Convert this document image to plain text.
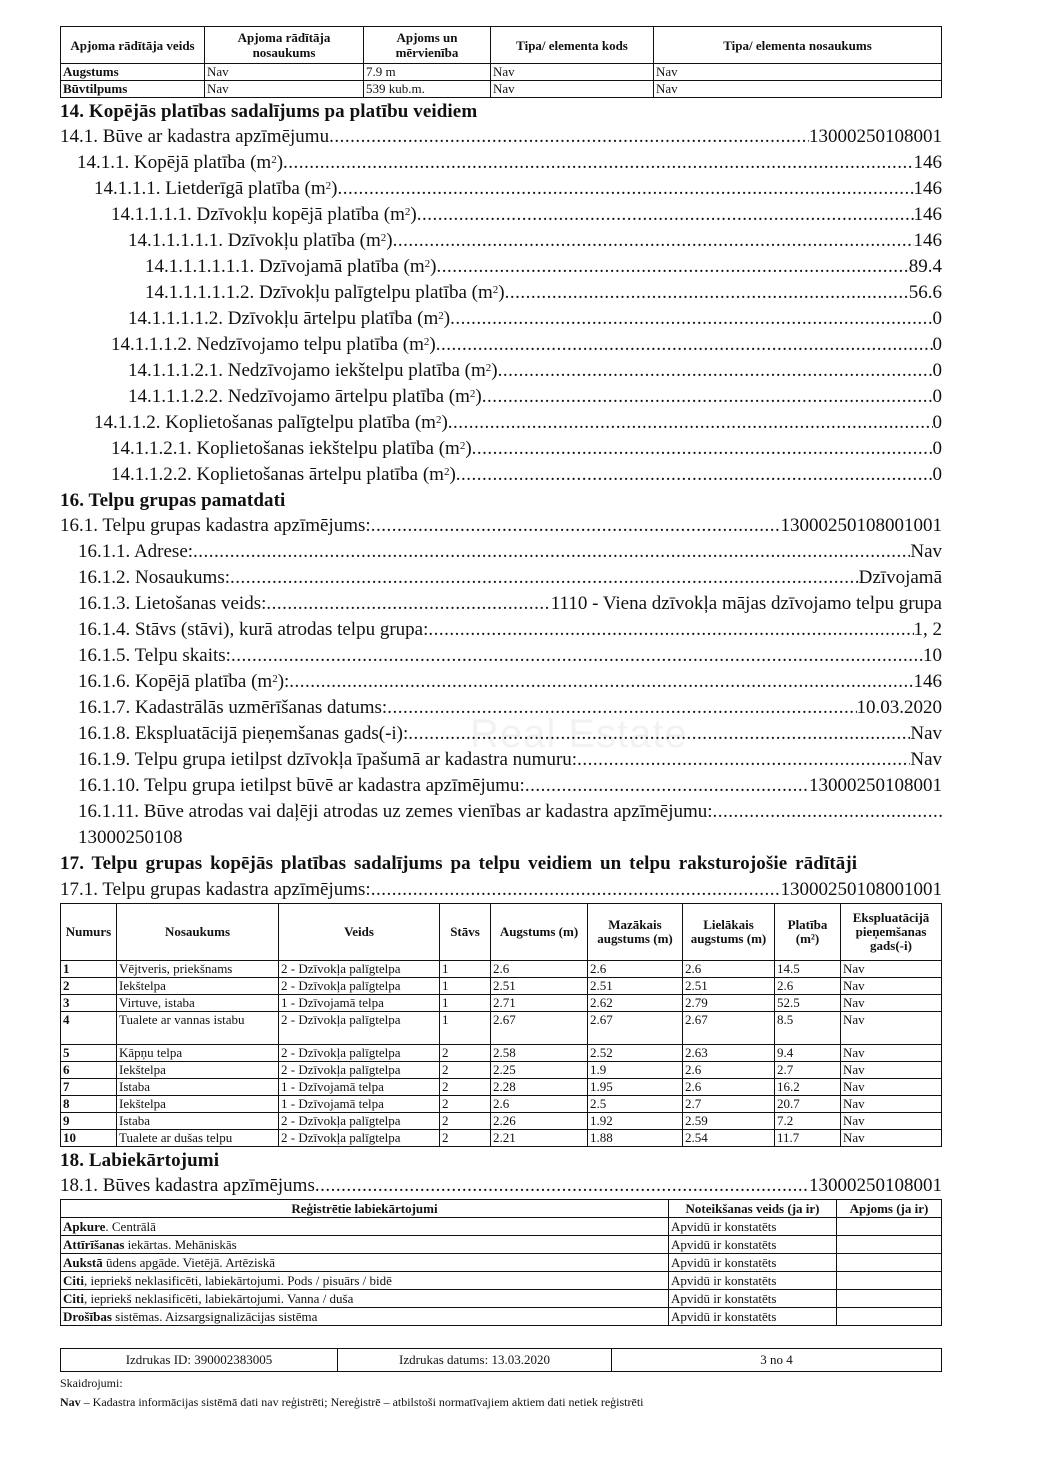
Real Estate
Apjoma rādītāja veids	Apjoma rādītāja nosaukums	Apjoms un mērvienība	Tipa/ elementa kods	Tipa/ elementa nosaukums
Augstums	Nav	7.9 m	Nav	Nav
Būvtilpums	Nav	539 kub.m.	Nav	Nav
14. Kopējās platības sadalījums pa platību veidiem
14.1. Būve ar kadastra apzīmējumu .....	13000250108001
14.1.1. Kopējā platība $(m^2)$ .....	146
14.1.1.1. Lietderīgā platība $(m^2)$ .....	146
14.1.1.1.1. Dzīvokļu kopējā platība $(m^2)$ .....	146
14.1.1.1.1.1. Dzīvokļu platība $(m^2)$ .....	146
14.1.1.1.1.1.1. Dzīvojamā platība $(m^2)$ .....	89.4
14.1.1.1.1.1.2. Dzīvokļu palīgtelpu platība $(m^2)$ .....	56.6
14.1.1.1.1.2. Dzīvokļu ārtelpu platība $(m^2)$ .....	0
14.1.1.1.2. Nedzīvojamo telpu platība $(m^2)$ .....	0
14.1.1.1.2.1. Nedzīvojamo iekštelpu platība $(m^2)$ .....	0
14.1.1.1.2.2. Nedzīvojamo ārtelpu platība $(m^2)$ .....	0
14.1.1.2. Koplietošanas palīgtelpu platība $(m^2)$ .....	0
14.1.1.2.1. Koplietošanas iekštelpu platība $(m^2)$ .....	0
14.1.1.2.2. Koplietošanas ārtelpu platība $(m^2)$ .....	0
16. Telpu grupas pamatdati
16.1. Telpu grupas kadastra apzīmējums: .....	13000250108001001
16.1.1. Adrese: .....	Nav
16.1.2. Nosaukums: .....	Dzīvojamā
16.1.3. Lietošanas veids: .....	1110 - Viena dzīvokļa mājas dzīvojamo telpu grupa
16.1.4. Stāvs (stāvi), kurā atrodas telpu grupa: .....	1, 2
16.1.5. Telpu skaits: .....	10
16.1.6. Kopējā platība $(m^2)$: .....	146
16.1.7. Kadastrālās uzmērīšanas datums: .....	10.03.2020
16.1.8. Ekspluatācijā pieņemšanas gads(-i): .....	Nav
16.1.9. Telpu grupa ietilpst dzīvokļa īpašumā ar kadastra numuru: .....	Nav
16.1.10. Telpu grupa ietilpst būvē ar kadastra apzīmējumu: .....	13000250108001
16.1.11. Būve atrodas vai daļēji atrodas uz zemes vienības ar kadastra apzīmējumu:
.....
13000250108
17. Telpu grupas kopējās platības sadalījums pa telpu veidiem un telpu raksturojošie rādītāji
17.1. Telpu grupas kadastra apzīmējums: .....	13000250108001001
Numurs	Nosaukums	Veids	Stāvs	Augstums (m)	Mazākais augstums (m)	Lielākais augstums (m)	Platība (m²)	Ekspluatācijā pieņemšanas gads(-i)
1	Vējtveris, priekšnams	2 - Dzīvokļa palīgtelpa	1	2.6	2.6	2.6	14.5	Nav
2	Iekštelpa	2 - Dzīvokļa palīgtelpa	1	2.51	2.51	2.51	2.6	Nav
3	Virtuve, istaba	1 - Dzīvojamā telpa	1	2.71	2.62	2.79	52.5	Nav
4	Tualete ar vannas istabu	2 - Dzīvokļa palīgtelpa	1	2.67	2.67	2.67	8.5	Nav
5	Kāpņu telpa	2 - Dzīvokļa palīgtelpa	2	2.58	2.52	2.63	9.4	Nav
6	Iekštelpa	2 - Dzīvokļa palīgtelpa	2	2.25	1.9	2.6	2.7	Nav
7	Istaba	1 - Dzīvojamā telpa	2	2.28	1.95	2.6	16.2	Nav
8	Iekštelpa	1 - Dzīvojamā telpa	2	2.6	2.5	2.7	20.7	Nav
9	Istaba	2 - Dzīvokļa palīgtelpa	2	2.26	1.92	2.59	7.2	Nav
10	Tualete ar dušas telpu	2 - Dzīvokļa palīgtelpa	2	2.21	1.88	2.54	11.7	Nav
18. Labiekārtojumi
18.1. Būves kadastra apzīmējums .....	13000250108001
Reģistrētie labiekārtojumi	Noteikšanas veids (ja ir)	Apjoms (ja ir)
Apkure. Centrālā	Apvidū ir konstatēts	
Attīrīšanas iekārtas. Mehāniskās	Apvidū ir konstatēts	
Aukstā ūdens apgāde. Vietējā. Artēziskā	Apvidū ir konstatēts	
Citi, iepriekš neklasificēti, labiekārtojumi. Pods / pisuārs / bidē	Apvidū ir konstatēts	
Citi, iepriekš neklasificēti, labiekārtojumi. Vanna / duša	Apvidū ir konstatēts	
Drošības sistēmas. Aizsargsignalizācijas sistēma	Apvidū ir konstatēts	
Izdrukas ID: 390002383005	Izdrukas datums: 13.03.2020	3 no 4
Skaidrojumi:
Nav – Kadastra informācijas sistēmā dati nav reģistrēti; Nereģistrē – atbilstoši normatīvajiem aktiem dati netiek reģistrēti
